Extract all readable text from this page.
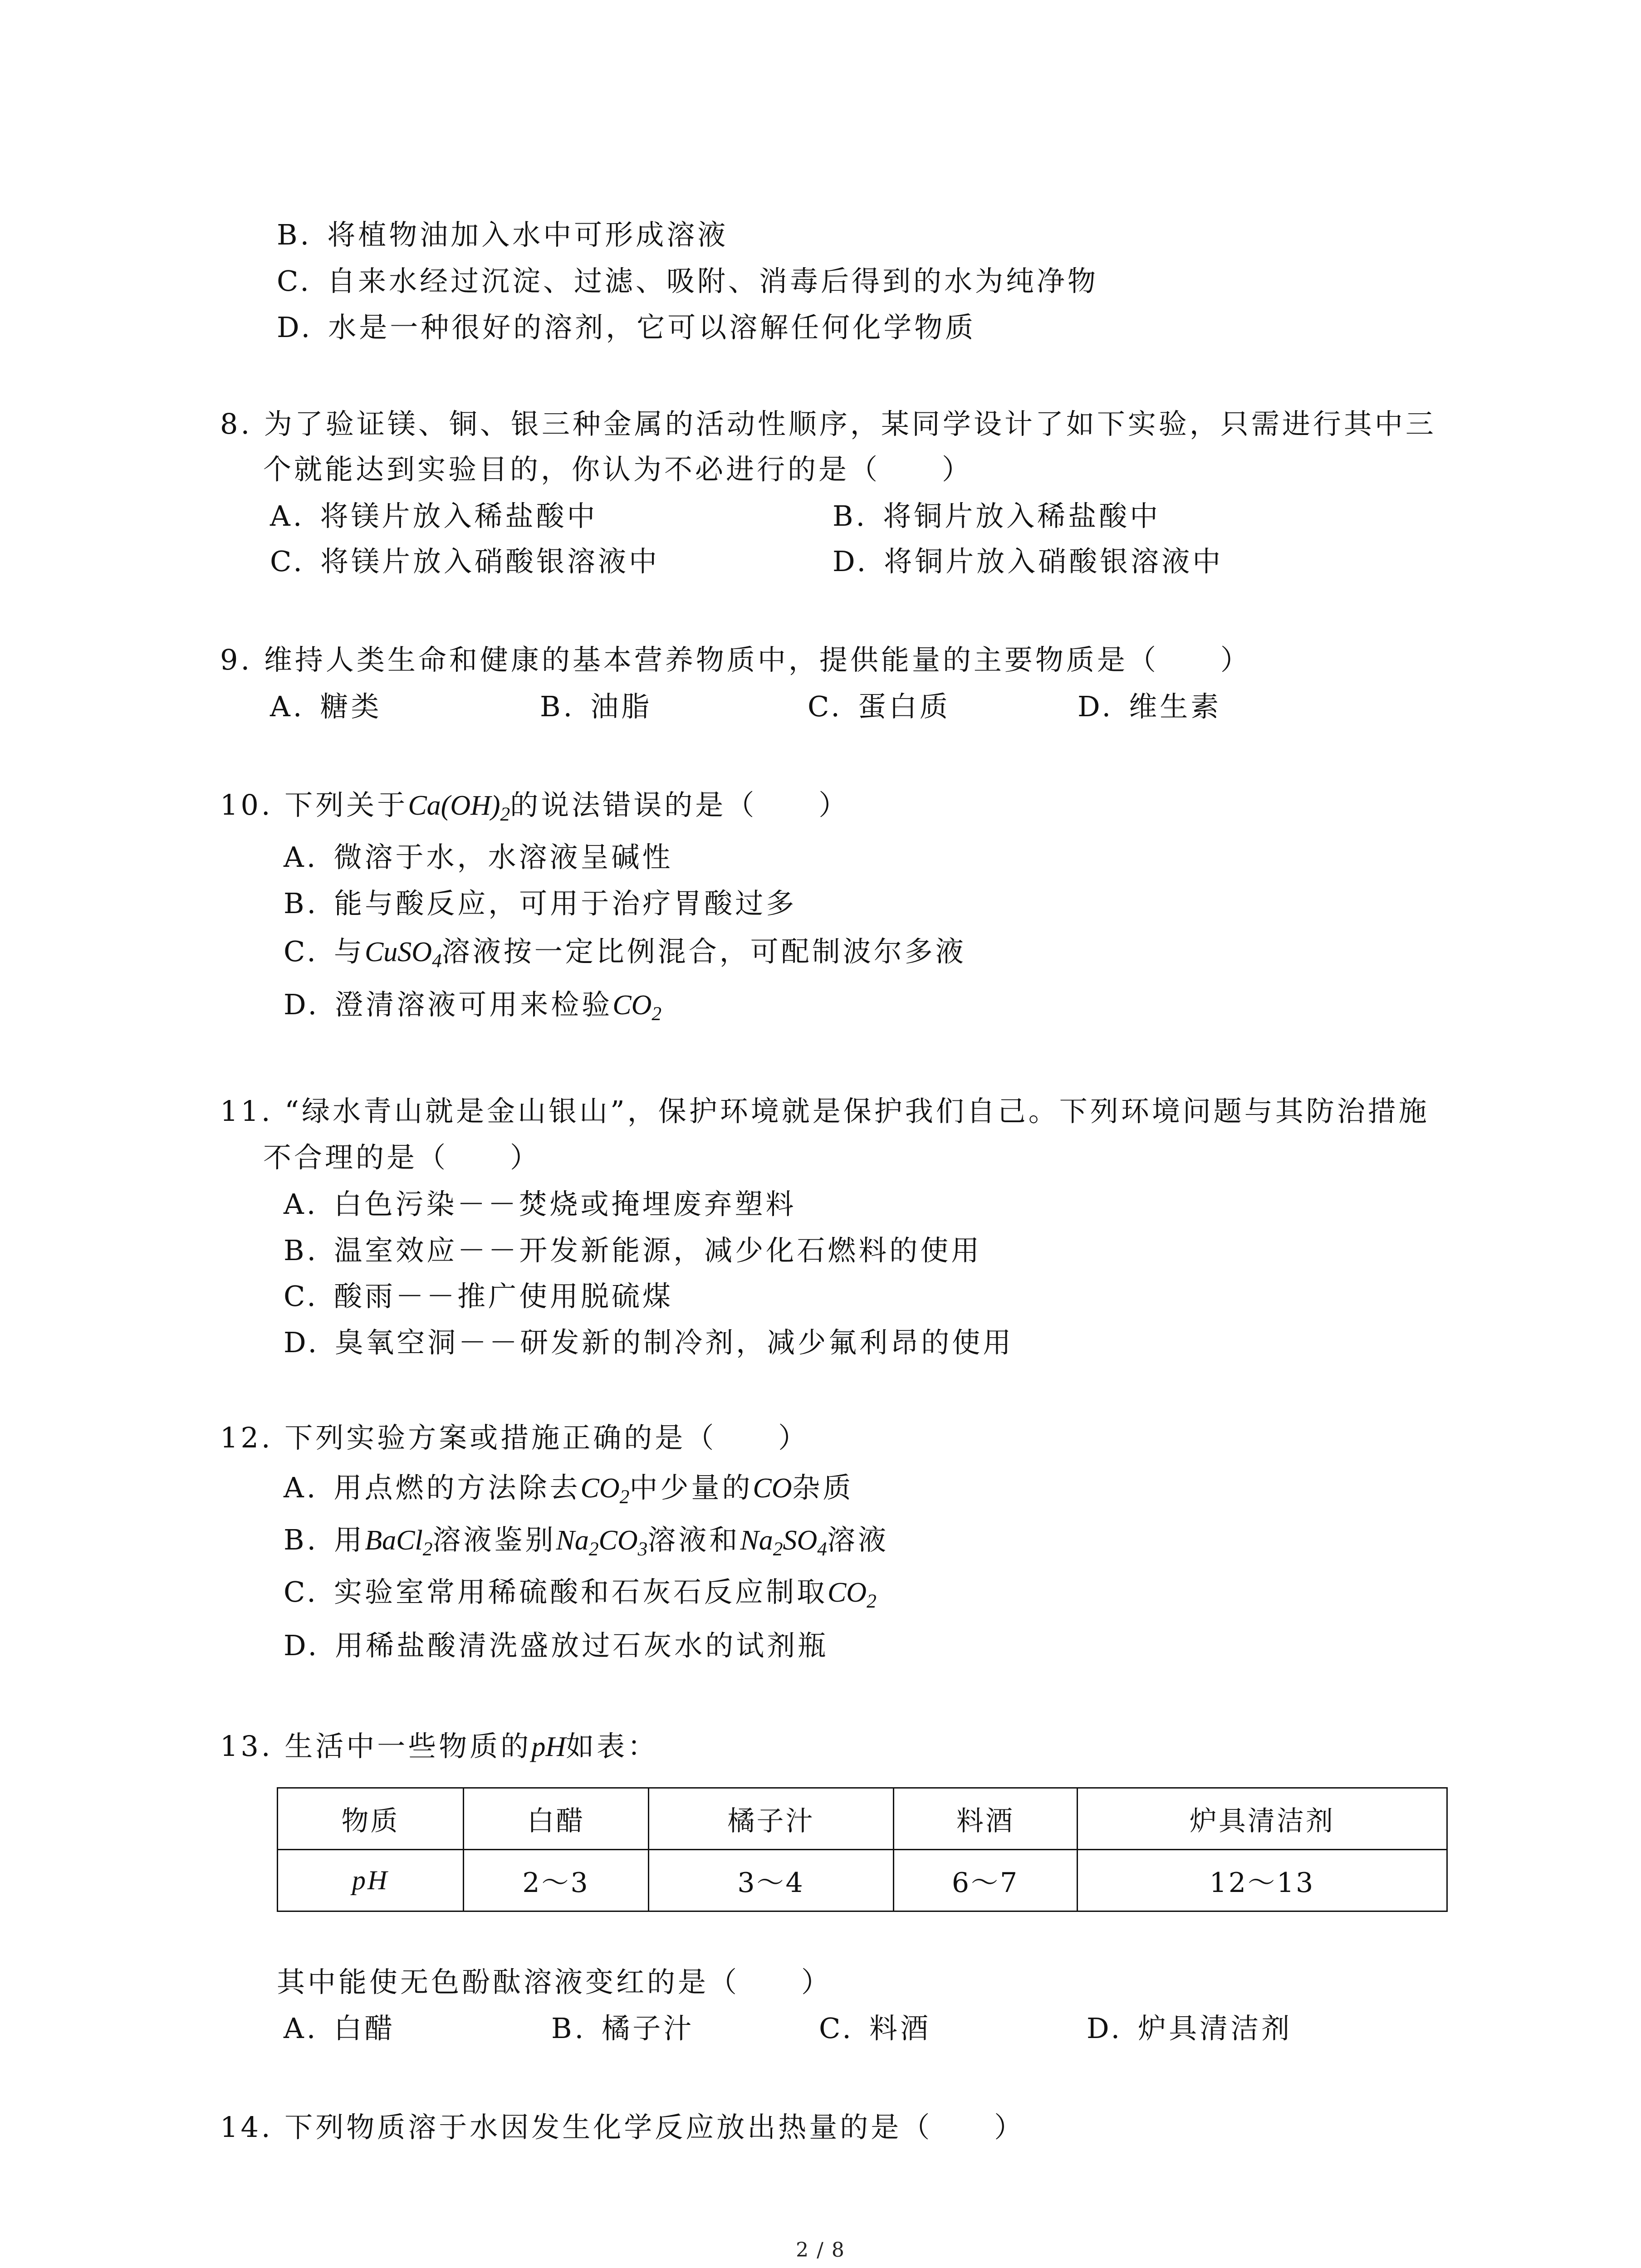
B. 将植物油加入水中可形成溶液
C. 自来水经过沉淀、过滤、吸附、消毒后得到的水为纯净物
D. 水是一种很好的溶剂，它可以溶解任何化学物质
8. 为了验证镁、铜、银三种金属的活动性顺序，某同学设计了如下实验，只需进行其中三
个就能达到实验目的，你认为不必进行的是（　　）
A. 将镁片放入稀盐酸中	B. 将铜片放入稀盐酸中
C. 将镁片放入硝酸银溶液中	D. 将铜片放入硝酸银溶液中
9. 维持人类生命和健康的基本营养物质中，提供能量的主要物质是（　　）
A. 糖类	B. 油脂	C. 蛋白质	D. 维生素
10. 下列关于$Ca(OH)_2$的说法错误的是（　　）
A. 微溶于水，水溶液呈碱性
B. 能与酸反应，可用于治疗胃酸过多
C. 与CuSO$_4$溶液按一定比例混合，可配制波尔多液
D. 澄清溶液可用来检验$CO_2$
11. “绿水青山就是金山银山”，保护环境就是保护我们自己。下列环境问题与其防治措施
不合理的是（　　）
A. 白色污染－－焚烧或掩埋废弃塑料
B. 温室效应－－开发新能源，减少化石燃料的使用
C. 酸雨－－推广使用脱硫煤
D. 臭氧空洞－－研发新的制冷剂，减少氟利昂的使用
12. 下列实验方案或措施正确的是（　　）
A. 用点燃的方法除去$CO_2$中少量的CO杂质
B. 用BaCl$_2$溶液鉴别$Na_2CO_3$溶液和$Na_2SO_4$溶液
C. 实验室常用稀硫酸和石灰石反应制取$CO_2$
D. 用稀盐酸清洗盛放过石灰水的试剂瓶
13. 生活中一些物质的pH如表：
物质	白醋	橘子汁	料酒	炉具清洁剂
pH	2～3	3～4	6～7	12～13
其中能使无色酚酞溶液变红的是（　　）
A. 白醋	B. 橘子汁	C. 料酒	D. 炉具清洁剂
14. 下列物质溶于水因发生化学反应放出热量的是（　　）
2 / 8
